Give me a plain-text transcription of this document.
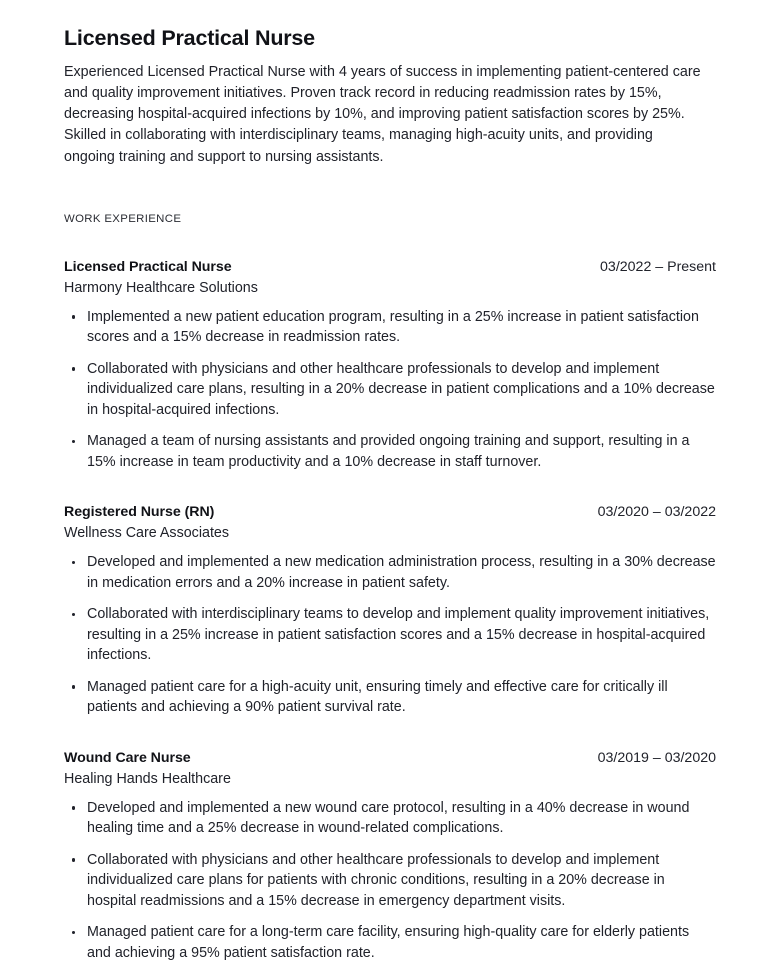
Licensed Practical Nurse

Experienced Licensed Practical Nurse with 4 years of success in implementing patient-centered care and quality improvement initiatives. Proven track record in reducing readmission rates by 15%, decreasing hospital-acquired infections by 10%, and improving patient satisfaction scores by 25%. Skilled in collaborating with interdisciplinary teams, managing high-acuity units, and providing ongoing training and support to nursing assistants.

WORK EXPERIENCE
Licensed Practical Nurse	03/2022 – Present
Harmony Healthcare Solutions
Implemented a new patient education program, resulting in a 25% increase in patient satisfaction scores and a 15% decrease in readmission rates.
Collaborated with physicians and other healthcare professionals to develop and implement individualized care plans, resulting in a 20% decrease in patient complications and a 10% decrease in hospital-acquired infections.
Managed a team of nursing assistants and provided ongoing training and support, resulting in a 15% increase in team productivity and a 10% decrease in staff turnover.
Registered Nurse (RN)	03/2020 – 03/2022
Wellness Care Associates
Developed and implemented a new medication administration process, resulting in a 30% decrease in medication errors and a 20% increase in patient safety.
Collaborated with interdisciplinary teams to develop and implement quality improvement initiatives, resulting in a 25% increase in patient satisfaction scores and a 15% decrease in hospital-acquired infections.
Managed patient care for a high-acuity unit, ensuring timely and effective care for critically ill patients and achieving a 90% patient survival rate.
Wound Care Nurse	03/2019 – 03/2020
Healing Hands Healthcare
Developed and implemented a new wound care protocol, resulting in a 40% decrease in wound healing time and a 25% decrease in wound-related complications.
Collaborated with physicians and other healthcare professionals to develop and implement individualized care plans for patients with chronic conditions, resulting in a 20% decrease in hospital readmissions and a 15% decrease in emergency department visits.
Managed patient care for a long-term care facility, ensuring high-quality care for elderly patients and achieving a 95% patient satisfaction rate.
